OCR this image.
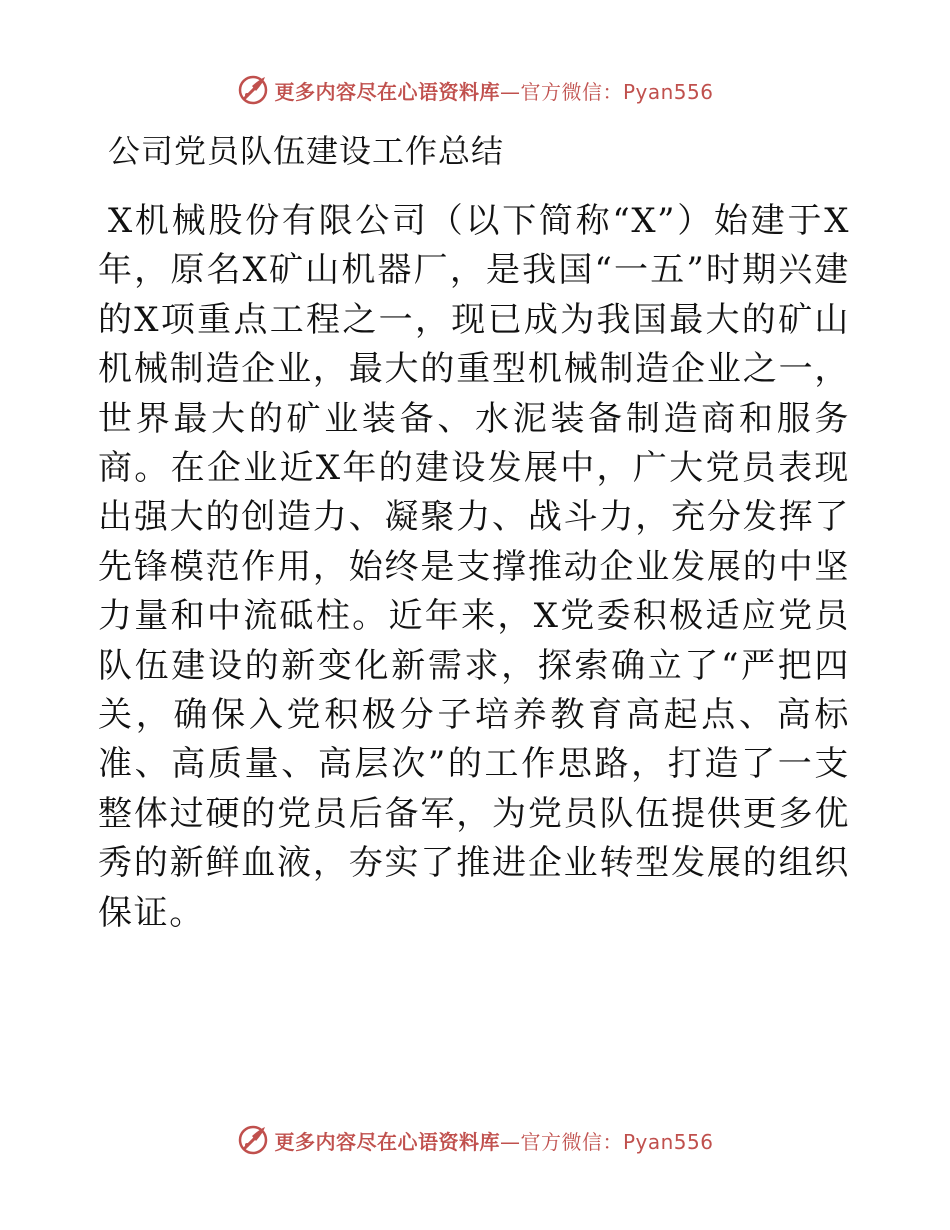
更多内容尽在心语资料库—官方微信：Pyan556
公司党员队伍建设工作总结

X机械股份有限公司（以下简称“X”）始建于X年，原名X矿山机器厂，是我国“一五”时期兴建的X项重点工程之一，现已成为我国最大的矿山机械制造企业，最大的重型机械制造企业之一，世界最大的矿业装备、水泥装备制造商和服务商。在企业近X年的建设发展中，广大党员表现出强大的创造力、凝聚力、战斗力，充分发挥了先锋模范作用，始终是支撑推动企业发展的中坚力量和中流砥柱。近年来，X党委积极适应党员队伍建设的新变化新需求，探索确立了“严把四关，确保入党积极分子培养教育高起点、高标准、高质量、高层次”的工作思路，打造了一支整体过硬的党员后备军，为党员队伍提供更多优秀的新鲜血液，夯实了推进企业转型发展的组织保证。

更多内容尽在心语资料库—官方微信：Pyan556
